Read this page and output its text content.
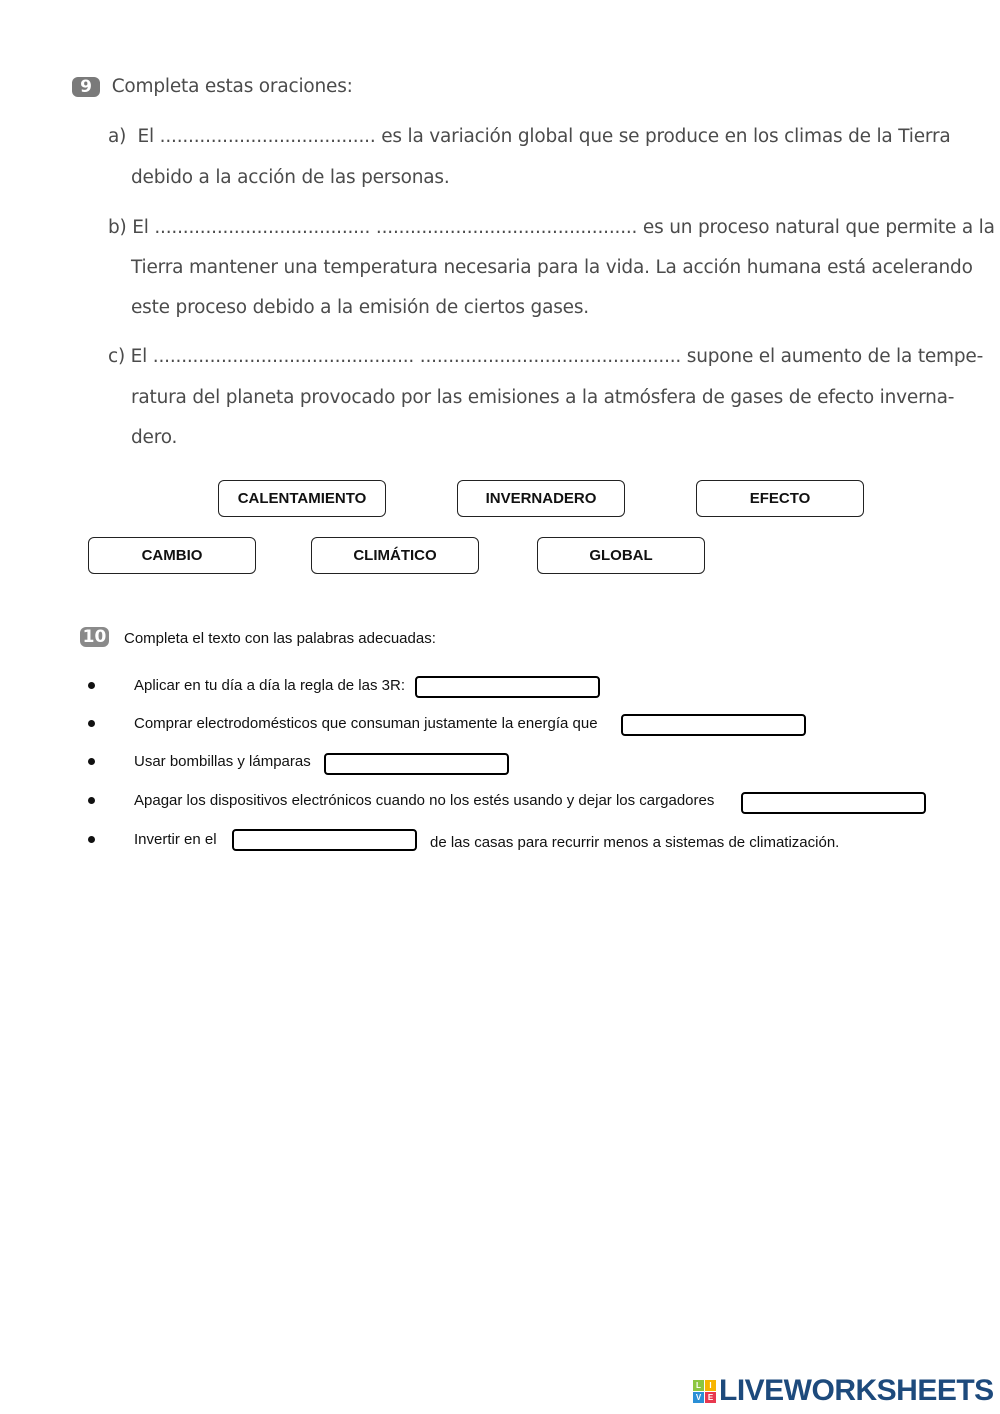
9 Completa estas oraciones:
a) El ...................................... es la variación global que se produce en los climas de la Tierra
debido a la acción de las personas.
b) El ...................................... .............................................. es un proceso natural que permite a la
Tierra mantener una temperatura necesaria para la vida. La acción humana está acelerando
este proceso debido a la emisión de ciertos gases.
c) El .............................................. .............................................. supone el aumento de la tempe-
ratura del planeta provocado por las emisiones a la atmósfera de gases de efecto inverna-
dero.
CALENTAMIENTO	INVERNADERO	EFECTO
CAMBIO	CLIMÁTICO	GLOBAL
10 Completa el texto con las palabras adecuadas:
Aplicar en tu día a día la regla de las 3R:
Comprar electrodomésticos que consuman justamente la energía que
Usar bombillas y lámparas
Apagar los dispositivos electrónicos cuando no los estés usando y dejar los cargadores
Invertir en el	de las casas para recurrir menos a sistemas de climatización.
L	I
V E LIVEWORKSHEETS
